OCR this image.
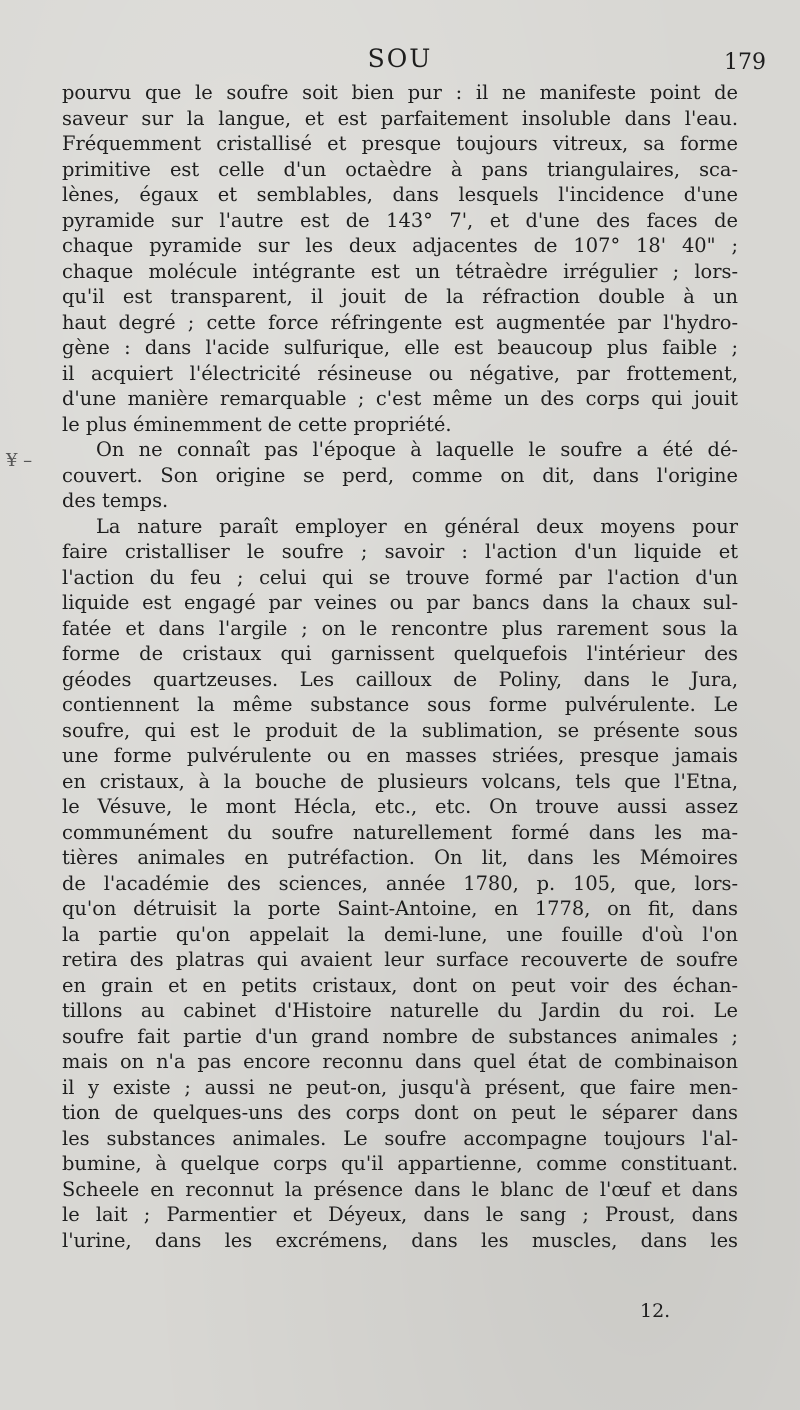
SOU	179
¥ –
pourvu que le soufre soit bien pur : il ne manifeste point de
saveur sur la langue, et est parfaitement insoluble dans l'eau.
Fréquemment cristallisé et presque toujours vitreux, sa forme
primitive est celle d'un octaèdre à pans triangulaires, sca-
lènes, égaux et semblables, dans lesquels l'incidence d'une
pyramide sur l'autre est de 143° 7', et d'une des faces de
chaque pyramide sur les deux adjacentes de 107° 18' 40" ;
chaque molécule intégrante est un tétraèdre irrégulier ; lors-
qu'il est transparent, il jouit de la réfraction double à un
haut degré ; cette force réfringente est augmentée par l'hydro-
gène : dans l'acide sulfurique, elle est beaucoup plus faible ;
il acquiert l'électricité résineuse ou négative, par frottement,
d'une manière remarquable ; c'est même un des corps qui jouit
le plus éminemment de cette propriété.
On ne connaît pas l'époque à laquelle le soufre a été dé-
couvert. Son origine se perd, comme on dit, dans l'origine
des temps.
La nature paraît employer en général deux moyens pour
faire cristalliser le soufre ; savoir : l'action d'un liquide et
l'action du feu ; celui qui se trouve formé par l'action d'un
liquide est engagé par veines ou par bancs dans la chaux sul-
fatée et dans l'argile ; on le rencontre plus rarement sous la
forme de cristaux qui garnissent quelquefois l'intérieur des
géodes quartzeuses. Les cailloux de Poliny, dans le Jura,
contiennent la même substance sous forme pulvérulente. Le
soufre, qui est le produit de la sublimation, se présente sous
une forme pulvérulente ou en masses striées, presque jamais
en cristaux, à la bouche de plusieurs volcans, tels que l'Etna,
le Vésuve, le mont Hécla, etc., etc. On trouve aussi assez
communément du soufre naturellement formé dans les ma-
tières animales en putréfaction. On lit, dans les Mémoires
de l'académie des sciences, année 1780, p. 105, que, lors-
qu'on détruisit la porte Saint-Antoine, en 1778, on fit, dans
la partie qu'on appelait la demi-lune, une fouille d'où l'on
retira des platras qui avaient leur surface recouverte de soufre
en grain et en petits cristaux, dont on peut voir des échan-
tillons au cabinet d'Histoire naturelle du Jardin du roi. Le
soufre fait partie d'un grand nombre de substances animales ;
mais on n'a pas encore reconnu dans quel état de combinaison
il y existe ; aussi ne peut-on, jusqu'à présent, que faire men-
tion de quelques-uns des corps dont on peut le séparer dans
les substances animales. Le soufre accompagne toujours l'al-
bumine, à quelque corps qu'il appartienne, comme constituant.
Scheele en reconnut la présence dans le blanc de l'œuf et dans
le lait ; Parmentier et Déyeux, dans le sang ; Proust, dans
l'urine, dans les excrémens, dans les muscles, dans les
12.
